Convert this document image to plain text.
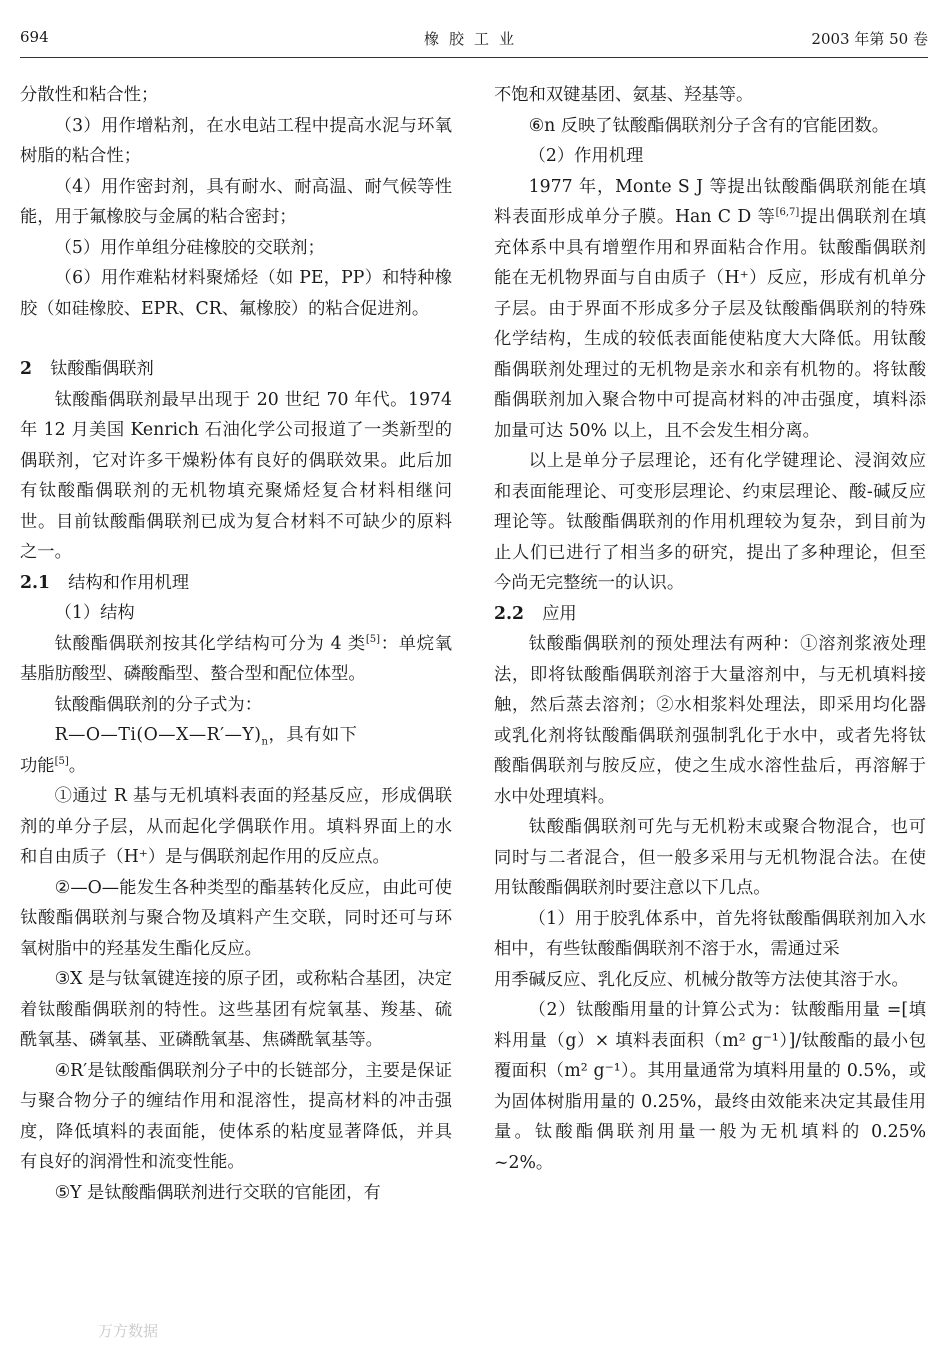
694	橡胶工业	2003 年第 50 卷

分散性和粘合性；

（3）用作增粘剂，在水电站工程中提高水泥与环氧树脂的粘合性；

（4）用作密封剂，具有耐水、耐高温、耐气候等性能，用于氟橡胶与金属的粘合密封；

（5）用作单组分硅橡胶的交联剂；

（6）用作难粘材料聚烯烃（如 PE，PP）和特种橡胶（如硅橡胶、EPR、CR、氟橡胶）的粘合促进剂。

2 钛酸酯偶联剂

钛酸酯偶联剂最早出现于 20 世纪 70 年代。1974 年 12 月美国 Kenrich 石油化学公司报道了一类新型的偶联剂，它对许多干燥粉体有良好的偶联效果。此后加有钛酸酯偶联剂的无机物填充聚烯烃复合材料相继问世。目前钛酸酯偶联剂已成为复合材料不可缺少的原料之一。

2.1 结构和作用机理

（1）结构

钛酸酯偶联剂按其化学结构可分为 4 类[5]：单烷氧基脂肪酸型、磷酸酯型、螯合型和配位体型。

钛酸酯偶联剂的分子式为：

$R—O—Ti(O—X—R'—Y)_n$，具有如下

功能[5]。

①通过 R 基与无机填料表面的羟基反应，形成偶联剂的单分子层，从而起化学偶联作用。填料界面上的水和自由质子（H⁺）是与偶联剂起作用的反应点。

②—O—能发生各种类型的酯基转化反应，由此可使钛酸酯偶联剂与聚合物及填料产生交联，同时还可与环氧树脂中的羟基发生酯化反应。

③X 是与钛氧键连接的原子团，或称粘合基团，决定着钛酸酯偶联剂的特性。这些基团有烷氧基、羧基、硫酰氧基、磷氧基、亚磷酰氧基、焦磷酰氧基等。

④R′是钛酸酯偶联剂分子中的长链部分，主要是保证与聚合物分子的缠结作用和混溶性，提高材料的冲击强度，降低填料的表面能，使体系的粘度显著降低，并具有良好的润滑性和流变性能。

⑤Y 是钛酸酯偶联剂进行交联的官能团，有

万方数据

不饱和双键基团、氨基、羟基等。

⑥n 反映了钛酸酯偶联剂分子含有的官能团数。

（2）作用机理

1977 年，Monte S J 等提出钛酸酯偶联剂能在填料表面形成单分子膜。Han C D 等[6,7]提出偶联剂在填充体系中具有增塑作用和界面粘合作用。钛酸酯偶联剂能在无机物界面与自由质子（H⁺）反应，形成有机单分子层。由于界面不形成多分子层及钛酸酯偶联剂的特殊化学结构，生成的较低表面能使粘度大大降低。用钛酸酯偶联剂处理过的无机物是亲水和亲有机物的。将钛酸酯偶联剂加入聚合物中可提高材料的冲击强度，填料添加量可达 50% 以上，且不会发生相分离。

以上是单分子层理论，还有化学键理论、浸润效应和表面能理论、可变形层理论、约束层理论、酸-碱反应理论等。钛酸酯偶联剂的作用机理较为复杂，到目前为止人们已进行了相当多的研究，提出了多种理论，但至今尚无完整统一的认识。

2.2 应用

钛酸酯偶联剂的预处理法有两种：①溶剂浆液处理法，即将钛酸酯偶联剂溶于大量溶剂中，与无机填料接触，然后蒸去溶剂；②水相浆料处理法，即采用均化器或乳化剂将钛酸酯偶联剂强制乳化于水中，或者先将钛酸酯偶联剂与胺反应，使之生成水溶性盐后，再溶解于水中处理填料。

钛酸酯偶联剂可先与无机粉末或聚合物混合，也可同时与二者混合，但一般多采用与无机物混合法。在使用钛酸酯偶联剂时要注意以下几点。

（1）用于胶乳体系中，首先将钛酸酯偶联剂加入水相中，有些钛酸酯偶联剂不溶于水，需通过采

用季碱反应、乳化反应、机械分散等方法使其溶于水。

（2）钛酸酯用量的计算公式为：钛酸酯用量 =[填料用量（g）× 填料表面积（m² g⁻¹）]/钛酸酯的最小包覆面积（m² g⁻¹）。其用量通常为填料用量的 0.5%，或为固体树脂用量的 0.25%，最终由效能来决定其最佳用量。钛酸酯偶联剂用量一般为无机填料的 0.25% ~2%。
